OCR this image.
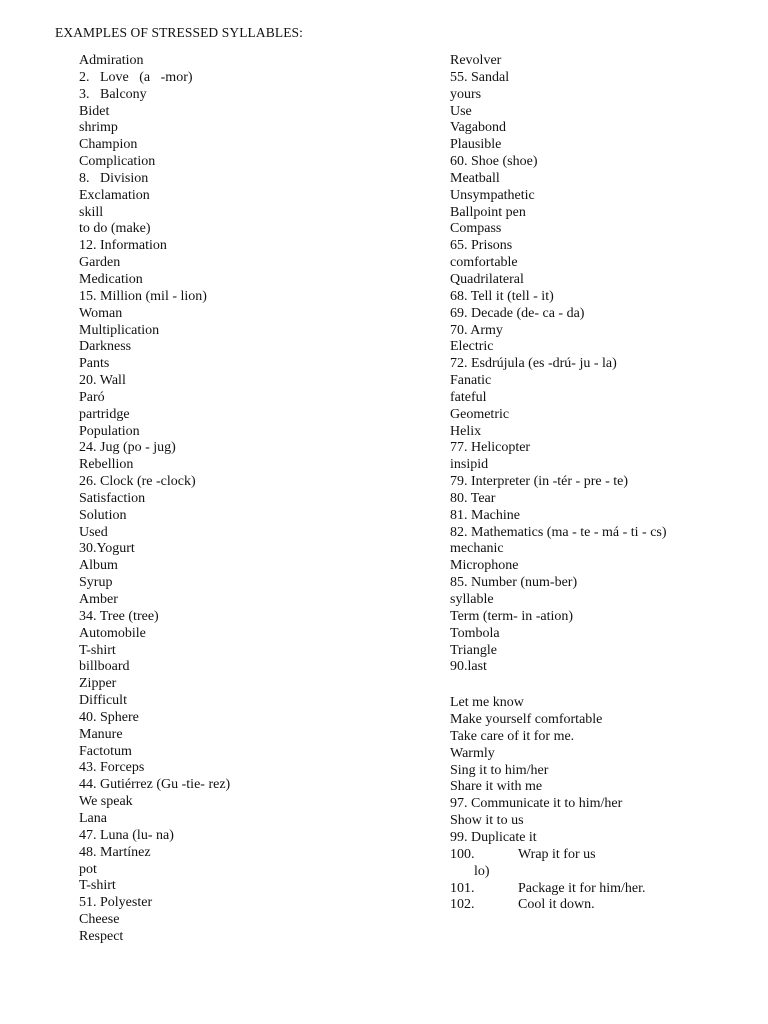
EXAMPLES OF STRESSED SYLLABLES:
Admiration
2.   Love   (a   -mor)
3.   Balcony
Bidet
shrimp
Champion
Complication
8.   Division
Exclamation
skill
to do (make)
12. Information
Garden
Medication
15. Million (mil - lion)
Woman
Multiplication
Darkness
Pants
20. Wall
Paró
partridge
Population
24. Jug (po - jug)
Rebellion
26. Clock (re -clock)
Satisfaction
Solution
Used
30.Yogurt
Album
Syrup
Amber
34. Tree (tree)
Automobile
T-shirt
billboard
Zipper
Difficult
40. Sphere
Manure
Factotum
43. Forceps
44. Gutiérrez (Gu -tie- rez)
We speak
Lana
47. Luna (lu- na)
48. Martínez
pot
T-shirt
51. Polyester
Cheese
Respect
Revolver
55. Sandal
yours
Use
Vagabond
Plausible
60. Shoe (shoe)
Meatball
Unsympathetic
Ballpoint pen
Compass
65. Prisons
comfortable
Quadrilateral
68. Tell it (tell - it)
69. Decade (de- ca - da)
70. Army
Electric
72. Esdrújula (es -drú- ju - la)
Fanatic
fateful
Geometric
Helix
77. Helicopter
insipid
79. Interpreter (in -tér - pre - te)
80. Tear
81. Machine
82. Mathematics (ma - te - má - ti - cs)
mechanic
Microphone
85. Number (num-ber)
syllable
Term (term- in -ation)
Tombola
Triangle
90.last
Let me know
Make yourself comfortable
Take care of it for me.
Warmly
Sing it to him/her
Share it with me
97. Communicate it to him/her
Show it to us
99. Duplicate it
100.	Wrap it for us
lo)
101.	Package it for him/her.
102.	Cool it down.
